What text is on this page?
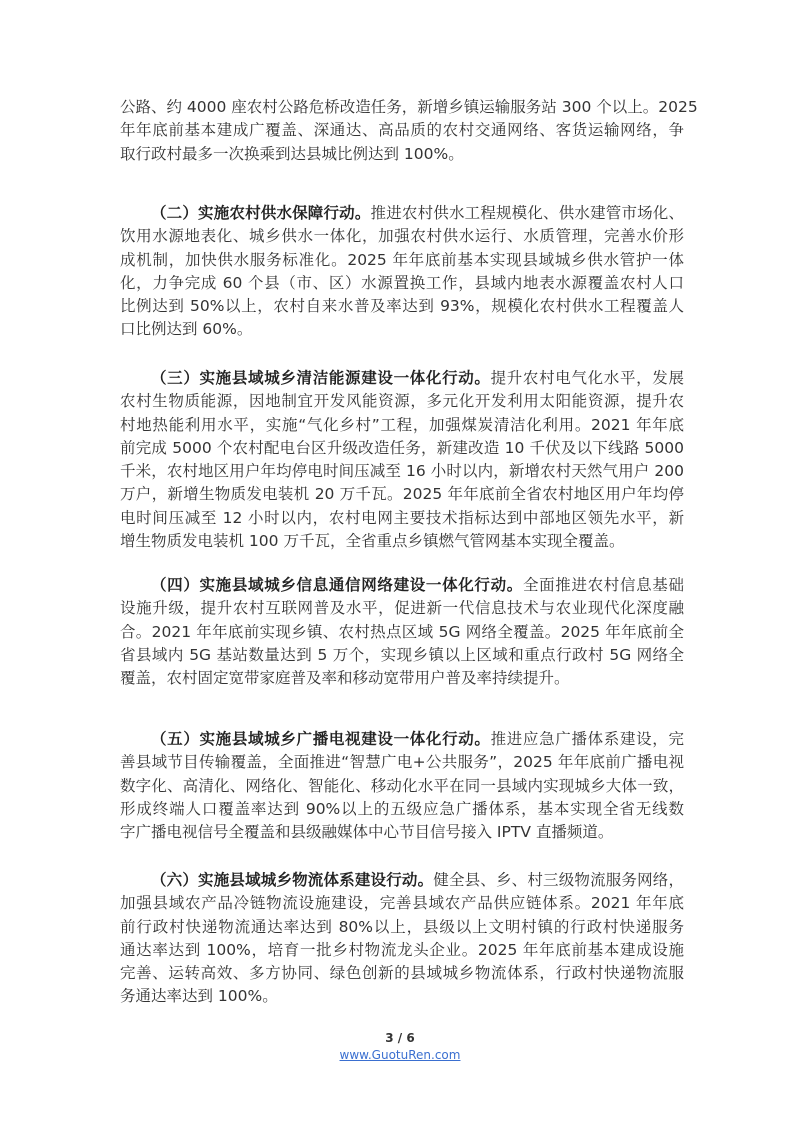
公路、约 4000 座农村公路危桥改造任务，新增乡镇运输服务站 300 个以上。2025
年年底前基本建成广覆盖、深通达、高品质的农村交通网络、客货运输网络，争
取行政村最多一次换乘到达县城比例达到 100%。
（二）实施农村供水保障行动。推进农村供水工程规模化、供水建管市场化、
饮用水源地表化、城乡供水一体化，加强农村供水运行、水质管理，完善水价形
成机制，加快供水服务标准化。2025 年年底前基本实现县域城乡供水管护一体
化，力争完成 60 个县（市、区）水源置换工作，县域内地表水源覆盖农村人口
比例达到 50%以上，农村自来水普及率达到 93%，规模化农村供水工程覆盖人
口比例达到 60%。
（三）实施县域城乡清洁能源建设一体化行动。提升农村电气化水平，发展
农村生物质能源，因地制宜开发风能资源，多元化开发利用太阳能资源，提升农
村地热能利用水平，实施“气化乡村”工程，加强煤炭清洁化利用。2021 年年底
前完成 5000 个农村配电台区升级改造任务，新建改造 10 千伏及以下线路 5000
千米，农村地区用户年均停电时间压减至 16 小时以内，新增农村天然气用户 200
万户，新增生物质发电装机 20 万千瓦。2025 年年底前全省农村地区用户年均停
电时间压减至 12 小时以内，农村电网主要技术指标达到中部地区领先水平，新
增生物质发电装机 100 万千瓦，全省重点乡镇燃气管网基本实现全覆盖。
（四）实施县域城乡信息通信网络建设一体化行动。全面推进农村信息基础
设施升级，提升农村互联网普及水平，促进新一代信息技术与农业现代化深度融
合。2021 年年底前实现乡镇、农村热点区域 5G 网络全覆盖。2025 年年底前全
省县域内 5G 基站数量达到 5 万个，实现乡镇以上区域和重点行政村 5G 网络全
覆盖，农村固定宽带家庭普及率和移动宽带用户普及率持续提升。
（五）实施县域城乡广播电视建设一体化行动。推进应急广播体系建设，完
善县域节目传输覆盖，全面推进“智慧广电+公共服务”，2025 年年底前广播电视
数字化、高清化、网络化、智能化、移动化水平在同一县域内实现城乡大体一致，
形成终端人口覆盖率达到 90%以上的五级应急广播体系，基本实现全省无线数
字广播电视信号全覆盖和县级融媒体中心节目信号接入 IPTV 直播频道。
（六）实施县域城乡物流体系建设行动。健全县、乡、村三级物流服务网络，
加强县域农产品冷链物流设施建设，完善县域农产品供应链体系。2021 年年底
前行政村快递物流通达率达到 80%以上，县级以上文明村镇的行政村快递服务
通达率达到 100%，培育一批乡村物流龙头企业。2025 年年底前基本建成设施
完善、运转高效、多方协同、绿色创新的县域城乡物流体系，行政村快递物流服
务通达率达到 100%。
3 / 6
www.GuotuRen.com
